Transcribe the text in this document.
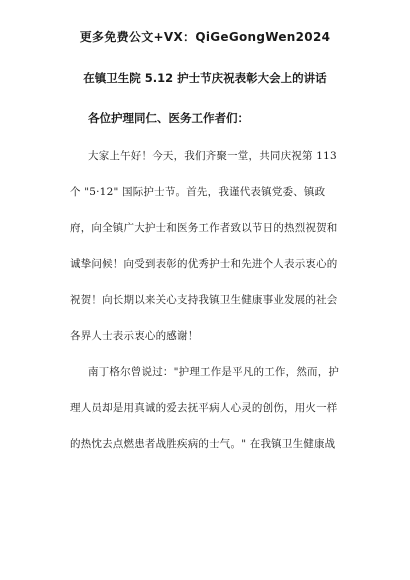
更多免费公文+VX：QiGeGongWen2024
在镇卫生院 5.12 护士节庆祝表彰大会上的讲话
各位护理同仁、医务工作者们：
大家上午好！今天，我们齐聚一堂，共同庆祝第 113
个 "5·12" 国际护士节。首先，我谨代表镇党委、镇政
府，向全镇广大护士和医务工作者致以节日的热烈祝贺和
诚挚问候！向受到表彰的优秀护士和先进个人表示衷心的
祝贺！向长期以来关心支持我镇卫生健康事业发展的社会
各界人士表示衷心的感谢！
南丁格尔曾说过："护理工作是平凡的工作，然而，护
理人员却是用真诚的爱去抚平病人心灵的创伤，用火一样
的热忱去点燃患者战胜疾病的士气。" 在我镇卫生健康战
